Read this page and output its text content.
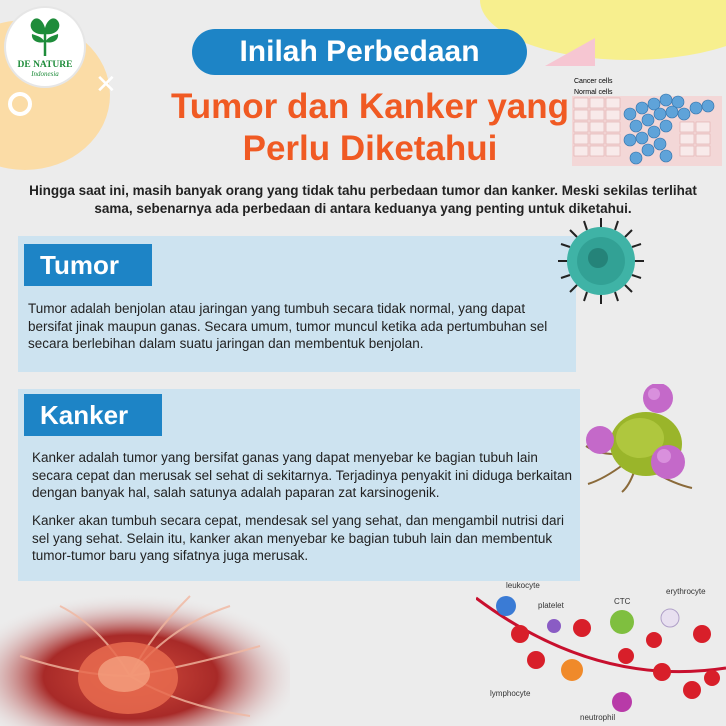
✕
DE NATURE
Indonesia
Inilah Perbedaan
Tumor dan Kanker yang
Perlu Diketahui
Cancer cells
Normal cells
Hingga saat ini, masih banyak orang yang tidak tahu perbedaan tumor dan kanker. Meski sekilas terlihat sama, sebenarnya ada perbedaan di antara keduanya yang penting untuk diketahui.
Tumor
Tumor adalah benjolan atau jaringan yang tumbuh secara tidak normal, yang dapat bersifat jinak maupun ganas. Secara umum, tumor muncul ketika ada pertumbuhan sel secara berlebihan dalam suatu jaringan dan membentuk benjolan.
Kanker
Kanker adalah tumor yang bersifat ganas yang dapat menyebar ke bagian tubuh lain secara cepat dan merusak sel sehat di sekitarnya. Terjadinya penyakit ini diduga berkaitan dengan banyak hal, salah satunya adalah paparan zat karsinogenik.
Kanker akan tumbuh secara cepat, mendesak sel yang sehat, dan mengambil nutrisi dari sel yang sehat. Selain itu, kanker akan menyebar ke bagian tubuh lain dan membentuk tumor-tumor baru yang sifatnya juga merusak.
leukocyte
platelet	CTC
erythrocyte
lymphocyte
neutrophil
